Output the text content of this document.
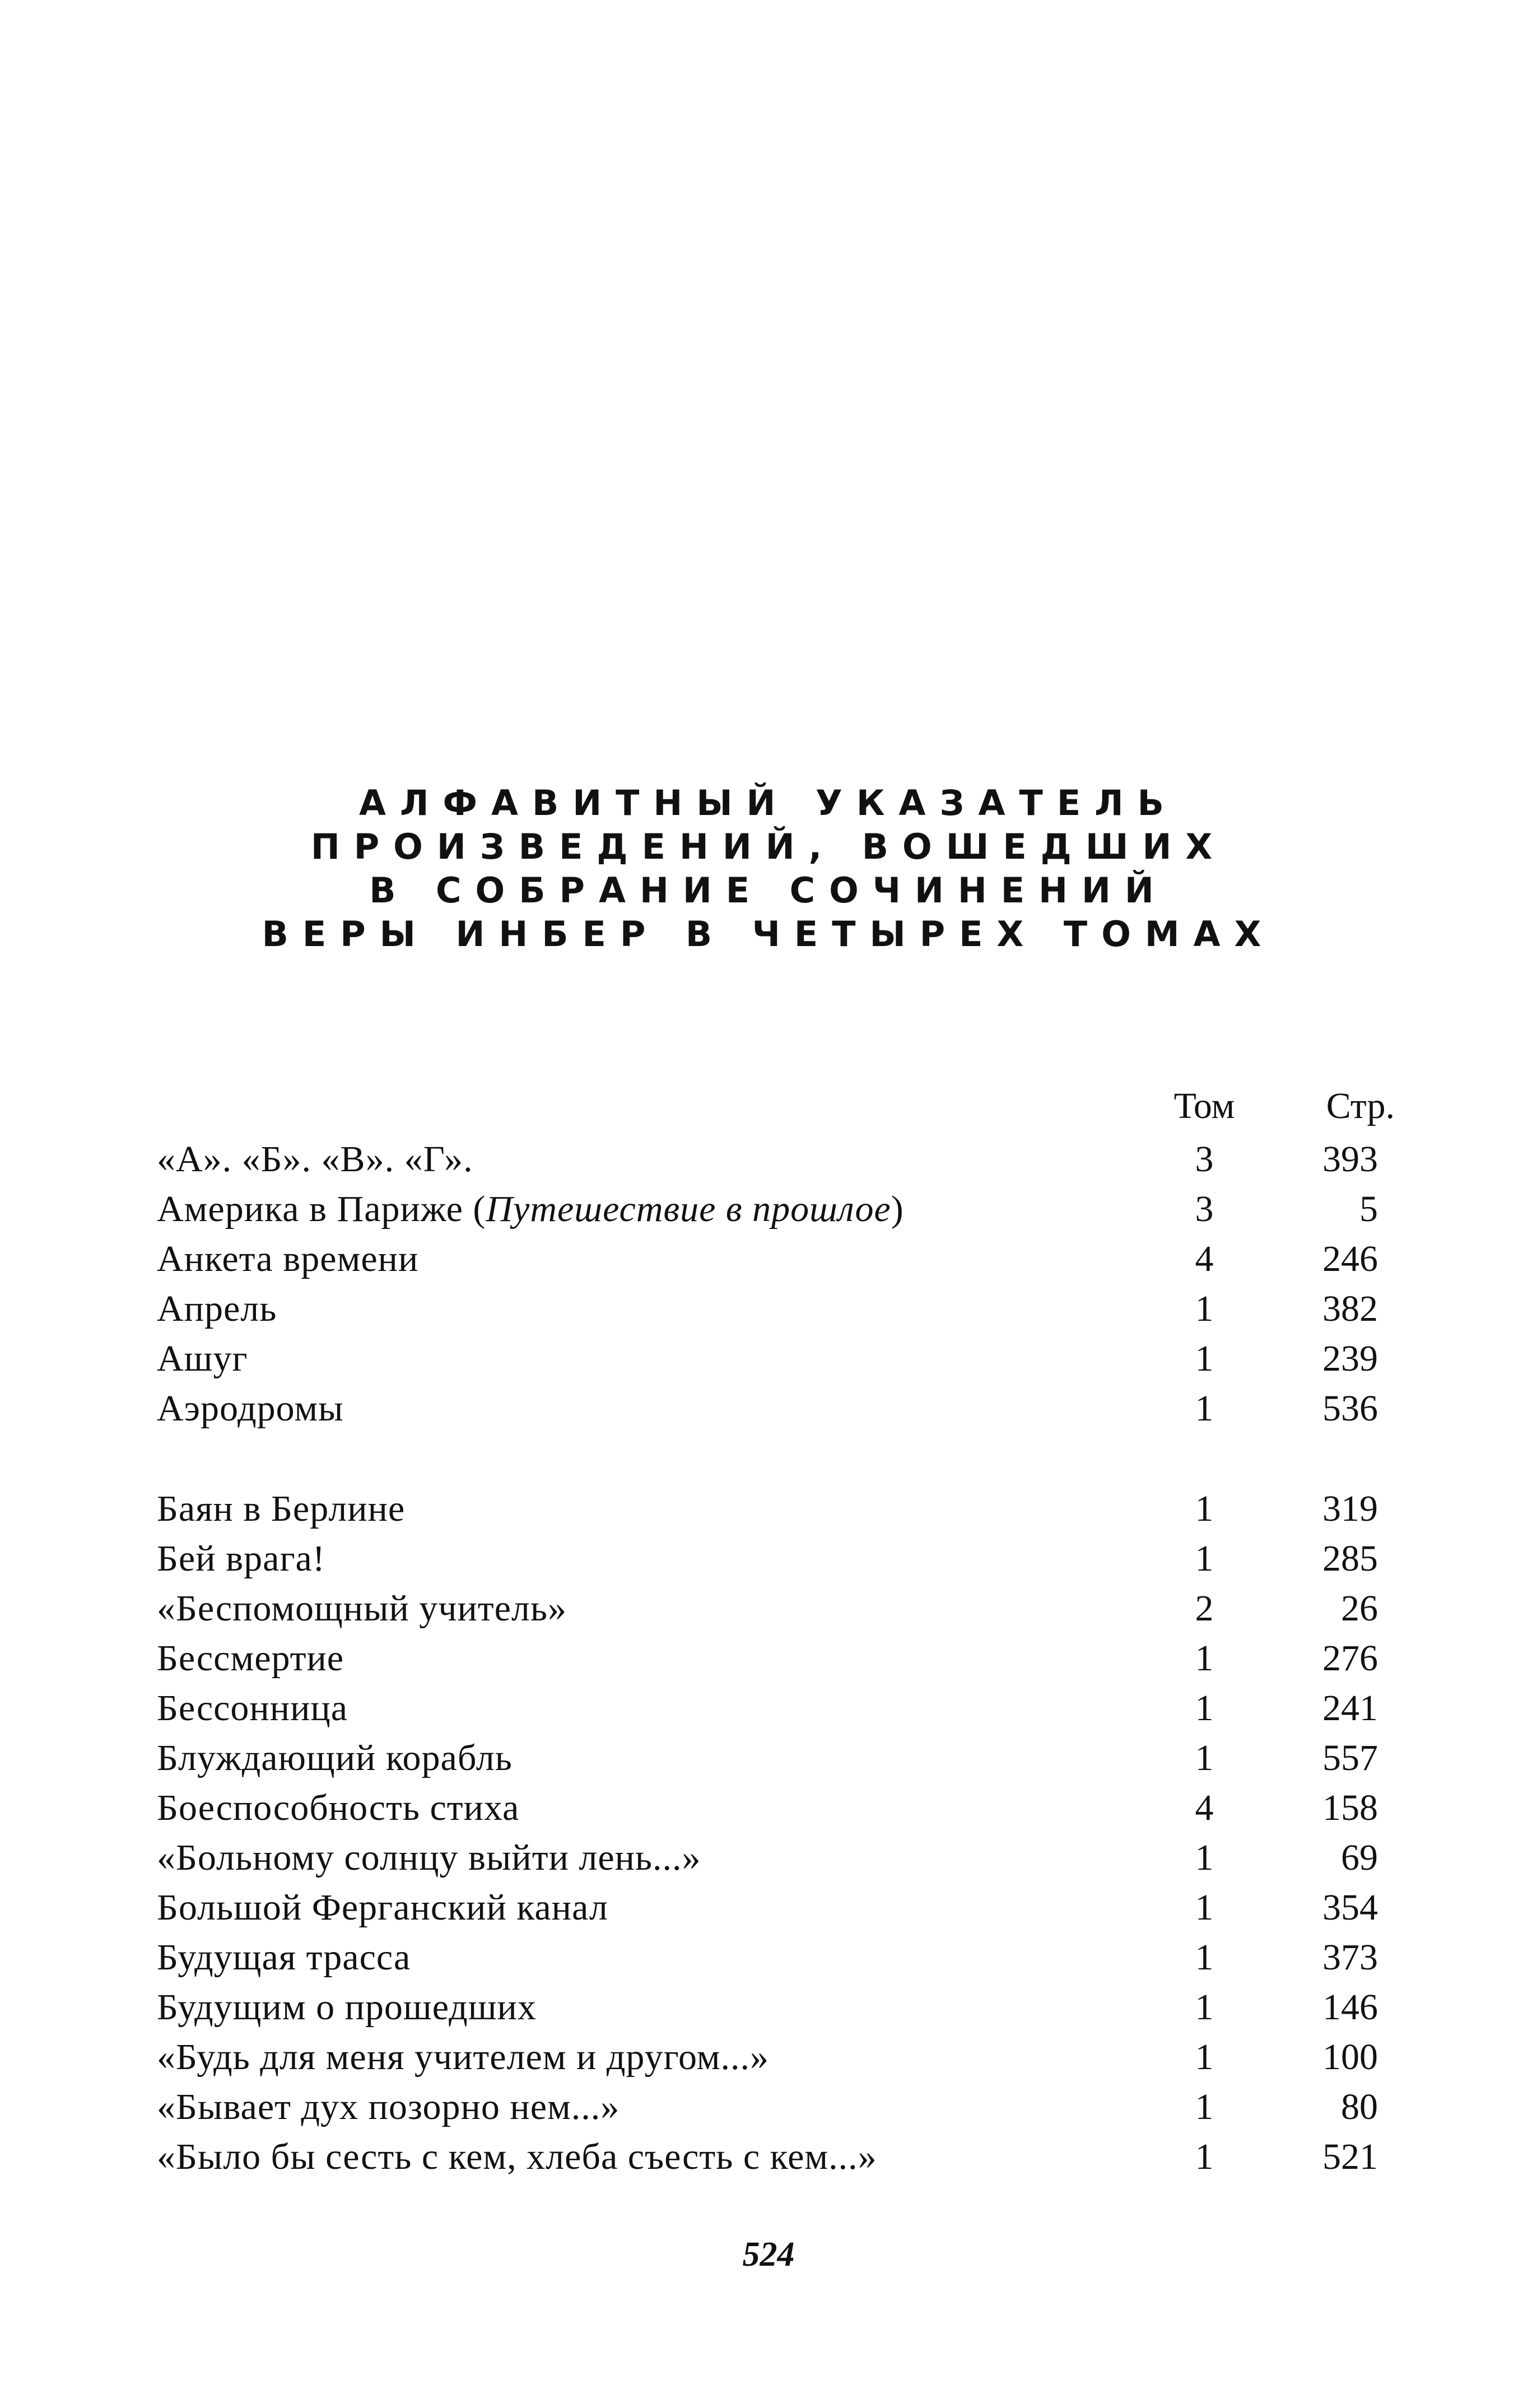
АЛФАВИТНЫЙ УКАЗАТЕЛЬ
ПРОИЗВЕДЕНИЙ, ВОШЕДШИХ
В СОБРАНИЕ СОЧИНЕНИЙ
ВЕРЫ ИНБЕР В ЧЕТЫРЕХ ТОМАХ
Том	Стр.
«А». «Б». «В». «Г».	3	393
Америка в Париже (Путешествие в прошлое)	3	5
Анкета времени	4	246
Апрель	1	382
Ашуг	1	239
Аэродромы	1	536
Баян в Берлине	1	319
Бей врага!	1	285
«Беспомощный учитель»	2	26
Бессмертие	1	276
Бессонница	1	241
Блуждающий корабль	1	557
Боеспособность стиха	4	158
«Больному солнцу выйти лень...»	1	69
Большой Ферганский канал	1	354
Будущая трасса	1	373
Будущим о прошедших	1	146
«Будь для меня учителем и другом...»	1	100
«Бывает дух позорно нем...»	1	80
«Было бы сесть с кем, хлеба съесть с кем...»	1	521
524
